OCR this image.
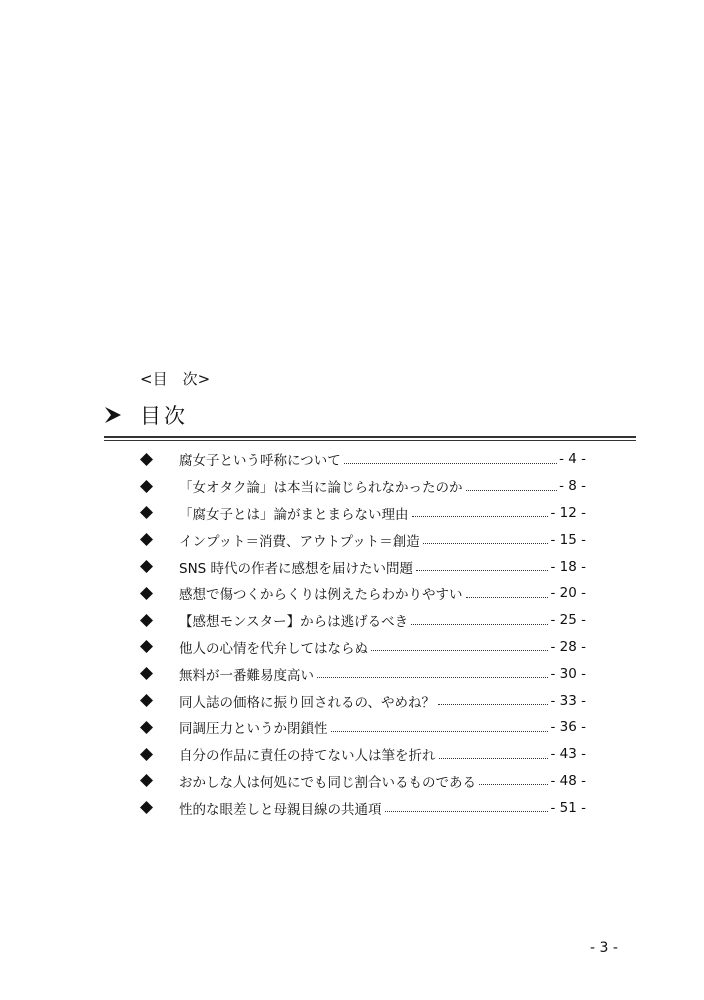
<目　次>
目次
腐女子という呼称について	- 4 -
「女オタク論」は本当に論じられなかったのか	- 8 -
「腐女子とは」論がまとまらない理由	- 12 -
インプット＝消費、アウトプット＝創造	- 15 -
SNS 時代の作者に感想を届けたい問題	- 18 -
感想で傷つくからくりは例えたらわかりやすい	- 20 -
【感想モンスター】からは逃げるべき	- 25 -
他人の心情を代弁してはならぬ	- 28 -
無料が一番難易度高い	- 30 -
同人誌の価格に振り回されるの、やめね？	- 33 -
同調圧力というか閉鎖性	- 36 -
自分の作品に責任の持てない人は筆を折れ	- 43 -
おかしな人は何処にでも同じ割合いるものである	- 48 -
性的な眼差しと母親目線の共通項	- 51 -
- 3 -
